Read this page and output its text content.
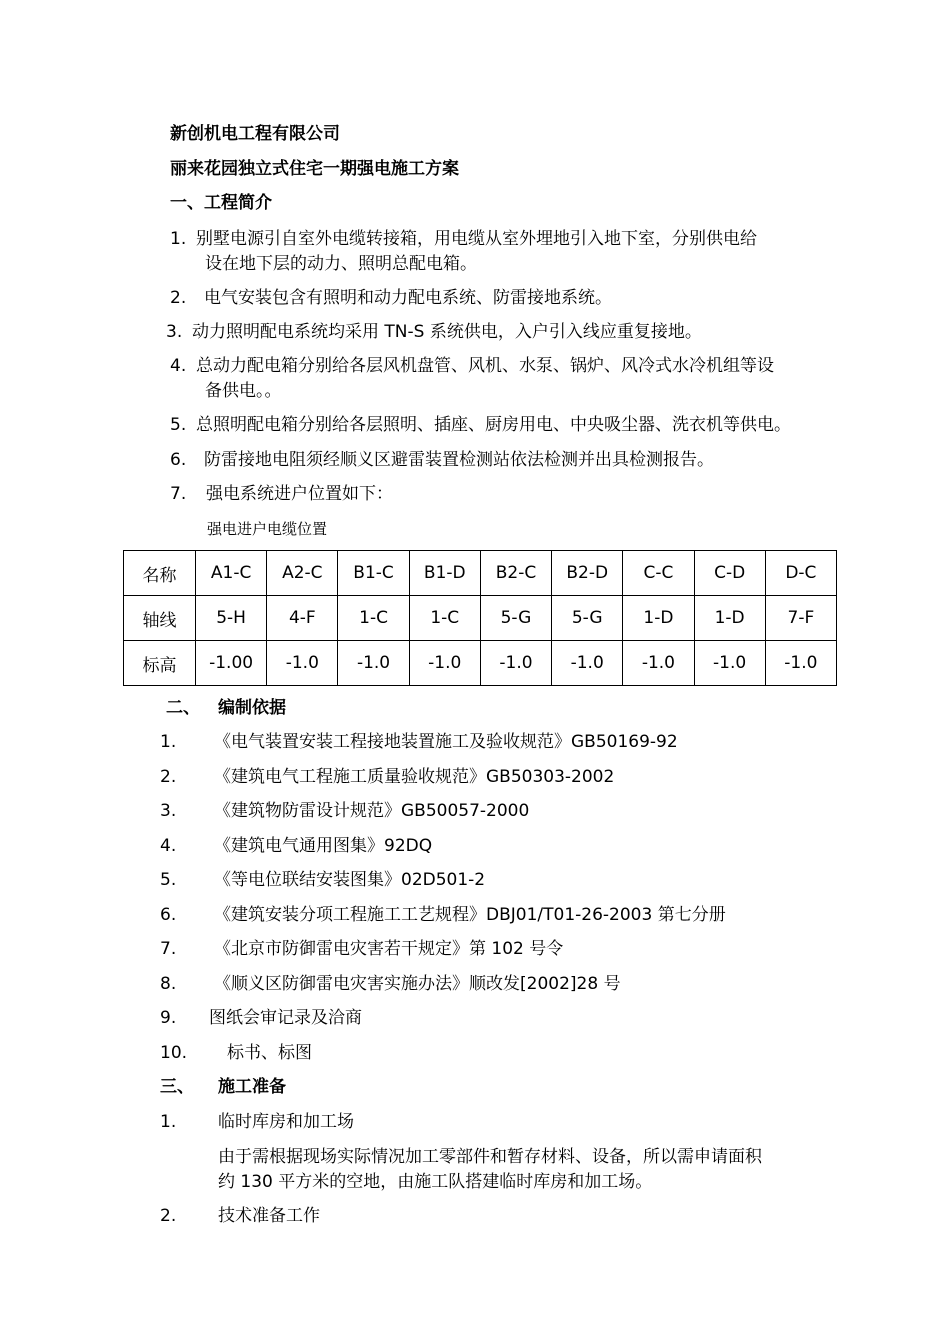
新创机电工程有限公司
丽来花园独立式住宅一期强电施工方案
一、工程简介
1. 别墅电源引自室外电缆转接箱，用电缆从室外埋地引入地下室，分别供电给
设在地下层的动力、照明总配电箱。
2. 电气安装包含有照明和动力配电系统、防雷接地系统。
3. 动力照明配电系统均采用 TN-S 系统供电，入户引入线应重复接地。
4. 总动力配电箱分别给各层风机盘管、风机、水泵、锅炉、风冷式水冷机组等设
备供电。。
5. 总照明配电箱分别给各层照明、插座、厨房用电、中央吸尘器、洗衣机等供电。
6. 防雷接地电阻须经顺义区避雷装置检测站依法检测并出具检测报告。
7. 强电系统进户位置如下：
强电进户电缆位置
名称	A1-C	A2-C	B1-C	B1-D	B2-C	B2-D	C-C	C-D	D-C
轴线	5-H	4-F	1-C	1-C	5-G	5-G	1-D	1-D	7-F
标高	-1.00	-1.0	-1.0	-1.0	-1.0	-1.0	-1.0	-1.0	-1.0
二、 编制依据
1. 《电气装置安装工程接地装置施工及验收规范》GB50169-92
2. 《建筑电气工程施工质量验收规范》GB50303-2002
3. 《建筑物防雷设计规范》GB50057-2000
4. 《建筑电气通用图集》92DQ
5. 《等电位联结安装图集》02D501-2
6. 《建筑安装分项工程施工工艺规程》DBJ01/T01-26-2003 第七分册
7. 《北京市防御雷电灾害若干规定》第 102 号令
8. 《顺义区防御雷电灾害实施办法》顺改发[2002]28 号
9. 图纸会审记录及洽商
10. 标书、标图
三、 施工准备
1. 临时库房和加工场
由于需根据现场实际情况加工零部件和暂存材料、设备，所以需申请面积
约 130 平方米的空地，由施工队搭建临时库房和加工场。
2. 技术准备工作
